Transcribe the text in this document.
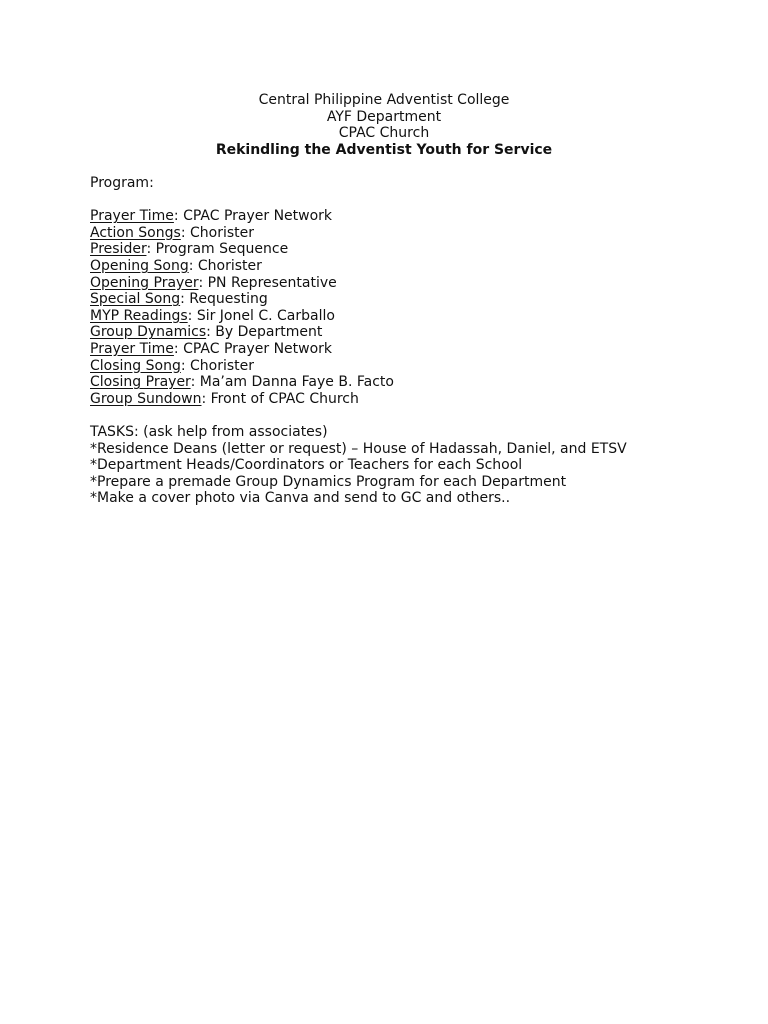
Central Philippine Adventist College
AYF Department
CPAC Church
Rekindling the Adventist Youth for Service
Program:
Prayer Time: CPAC Prayer Network
Action Songs: Chorister
Presider: Program Sequence
Opening Song: Chorister
Opening Prayer: PN Representative
Special Song: Requesting
MYP Readings: Sir Jonel C. Carballo
Group Dynamics: By Department
Prayer Time: CPAC Prayer Network
Closing Song: Chorister
Closing Prayer: Ma’am Danna Faye B. Facto
Group Sundown: Front of CPAC Church
TASKS: (ask help from associates)
*Residence Deans (letter or request) – House of Hadassah, Daniel, and ETSV
*Department Heads/Coordinators or Teachers for each School
*Prepare a premade Group Dynamics Program for each Department
*Make a cover photo via Canva and send to GC and others..
